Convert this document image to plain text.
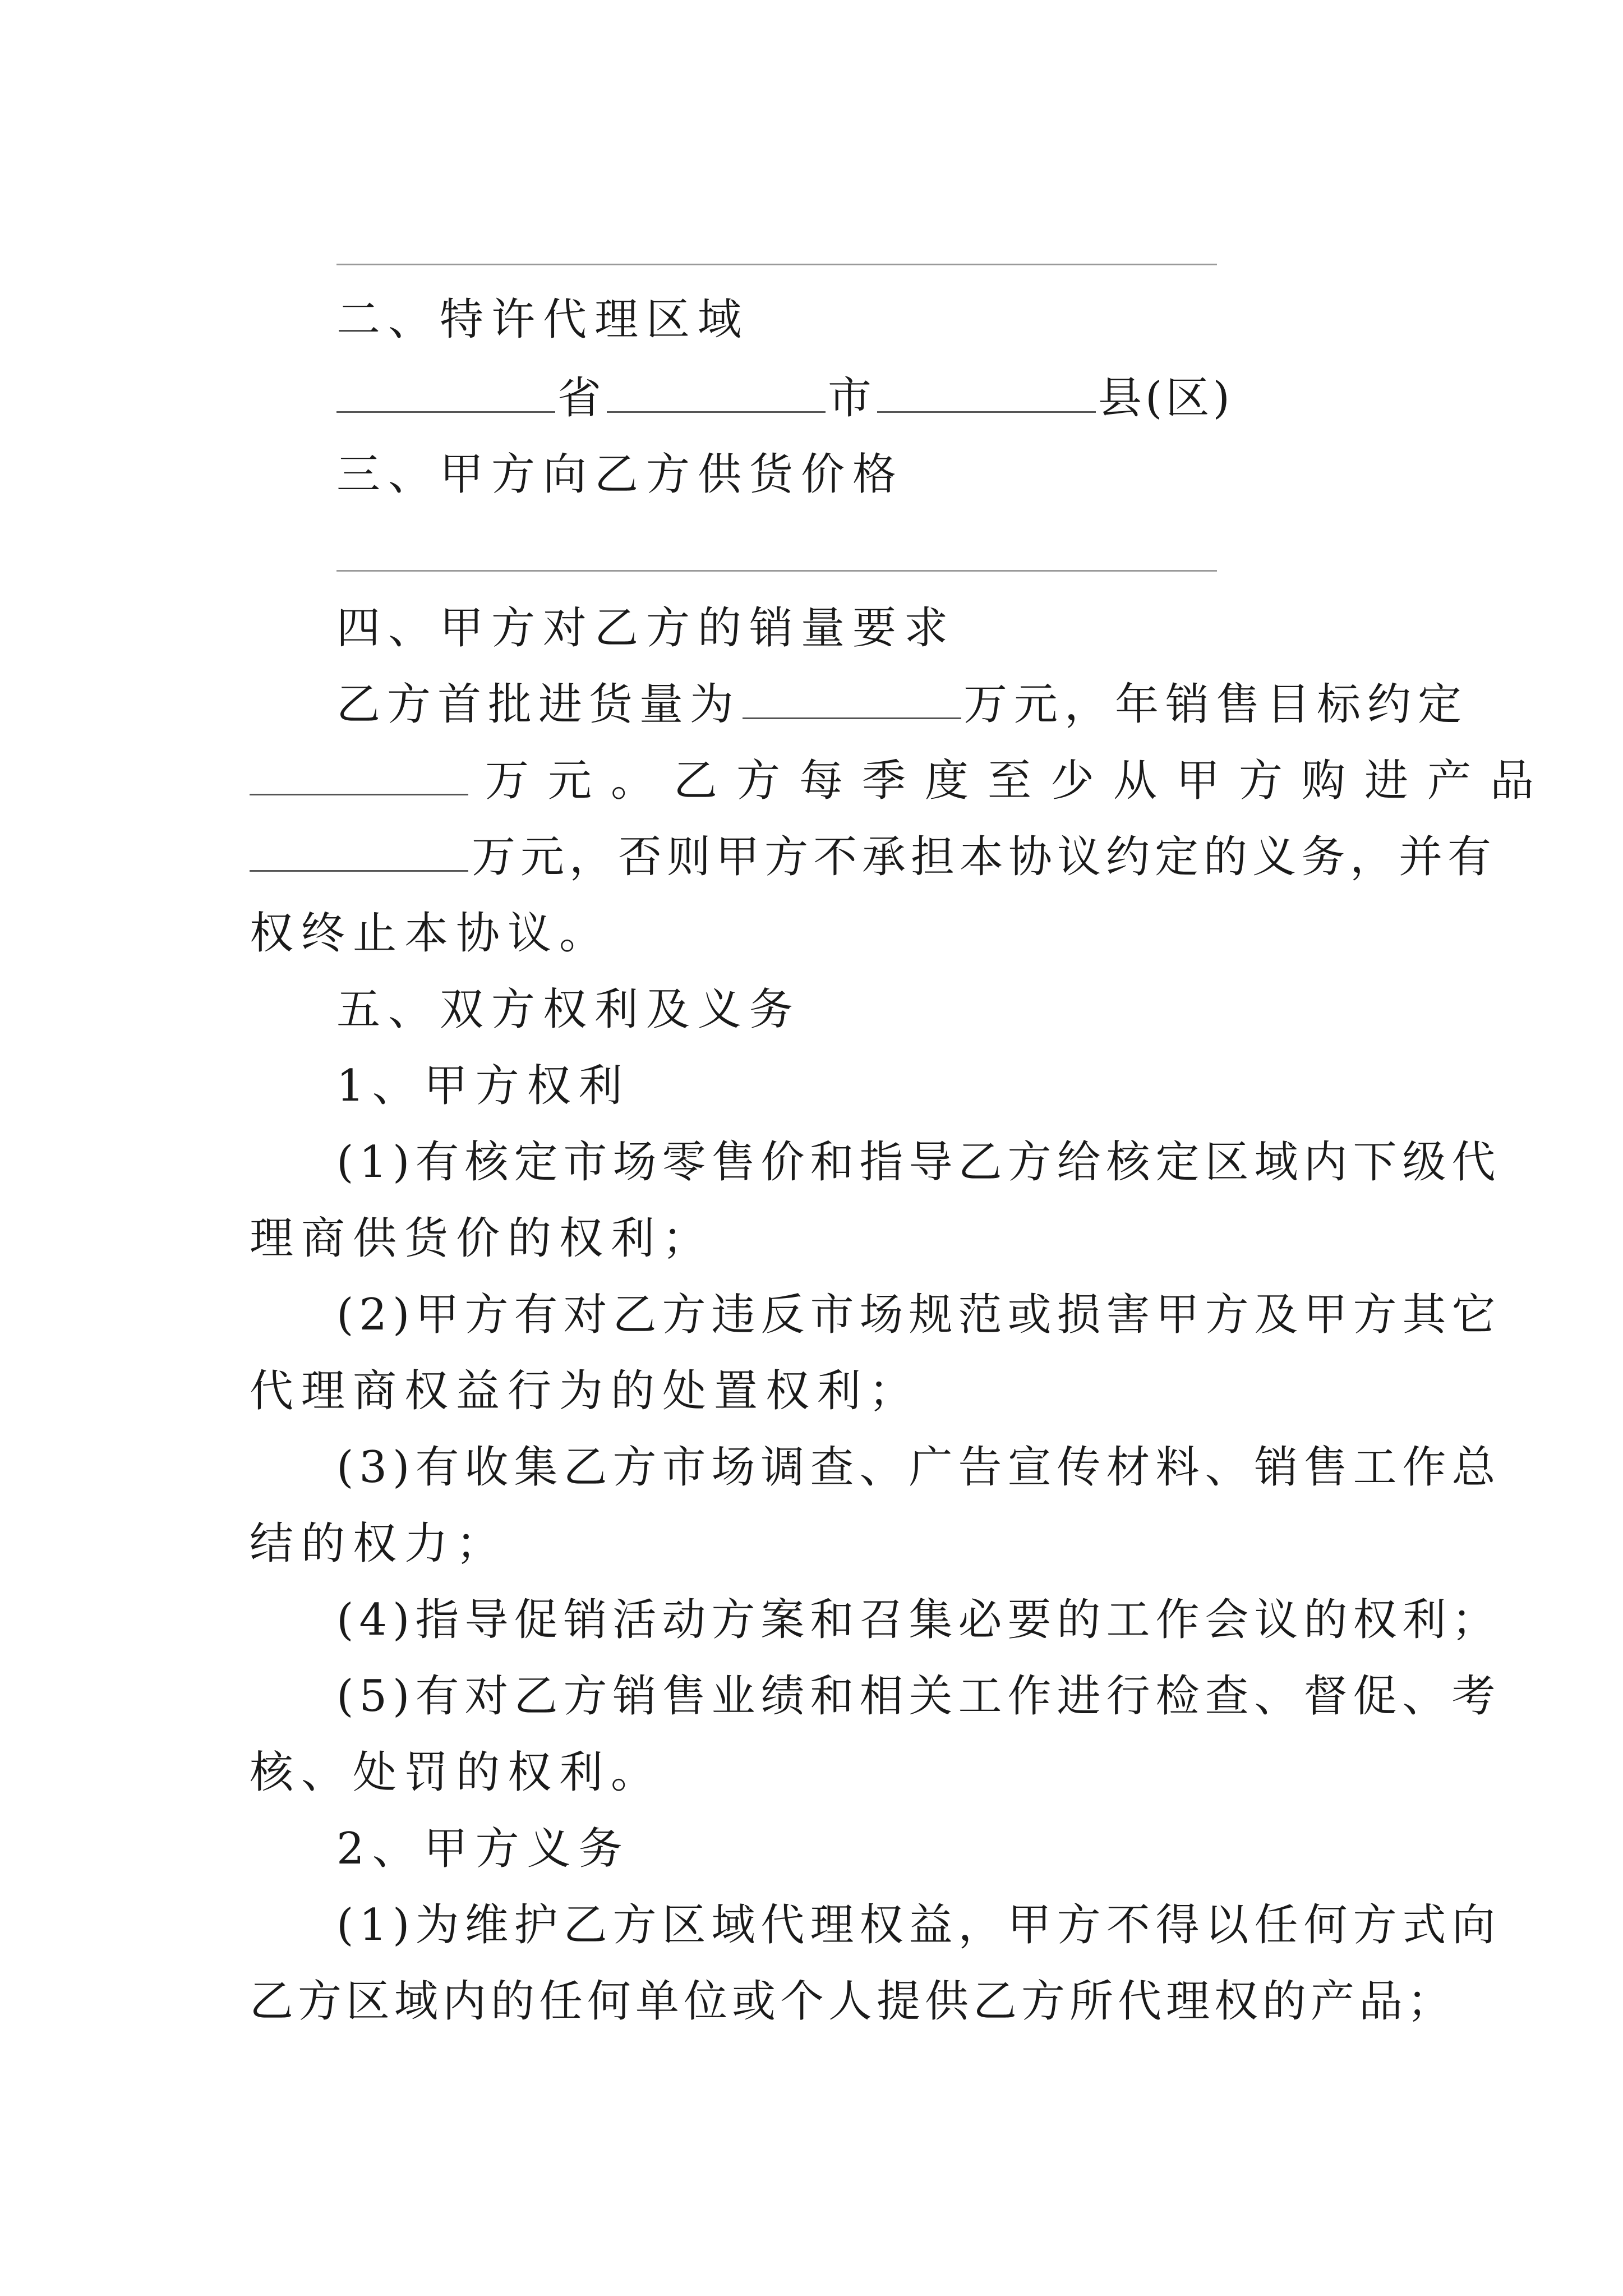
二、特许代理区域
省	市	县(区)
三、甲方向乙方供货价格
四、甲方对乙方的销量要求
乙方首批进货量为	万元，年销售目标约定
万元。乙方每季度至少从甲方购进产品
万元，否则甲方不承担本协议约定的义务，并有
权终止本协议。
五、双方权利及义务
1、甲方权利
(1)有核定市场零售价和指导乙方给核定区域内下级代
理商供货价的权利；
(2)甲方有对乙方违反市场规范或损害甲方及甲方其它
代理商权益行为的处置权利；
(3)有收集乙方市场调查、广告宣传材料、销售工作总
结的权力；
(4)指导促销活动方案和召集必要的工作会议的权利；
(5)有对乙方销售业绩和相关工作进行检查、督促、考
核、处罚的权利。
2、甲方义务
(1)为维护乙方区域代理权益，甲方不得以任何方式向
乙方区域内的任何单位或个人提供乙方所代理权的产品；
